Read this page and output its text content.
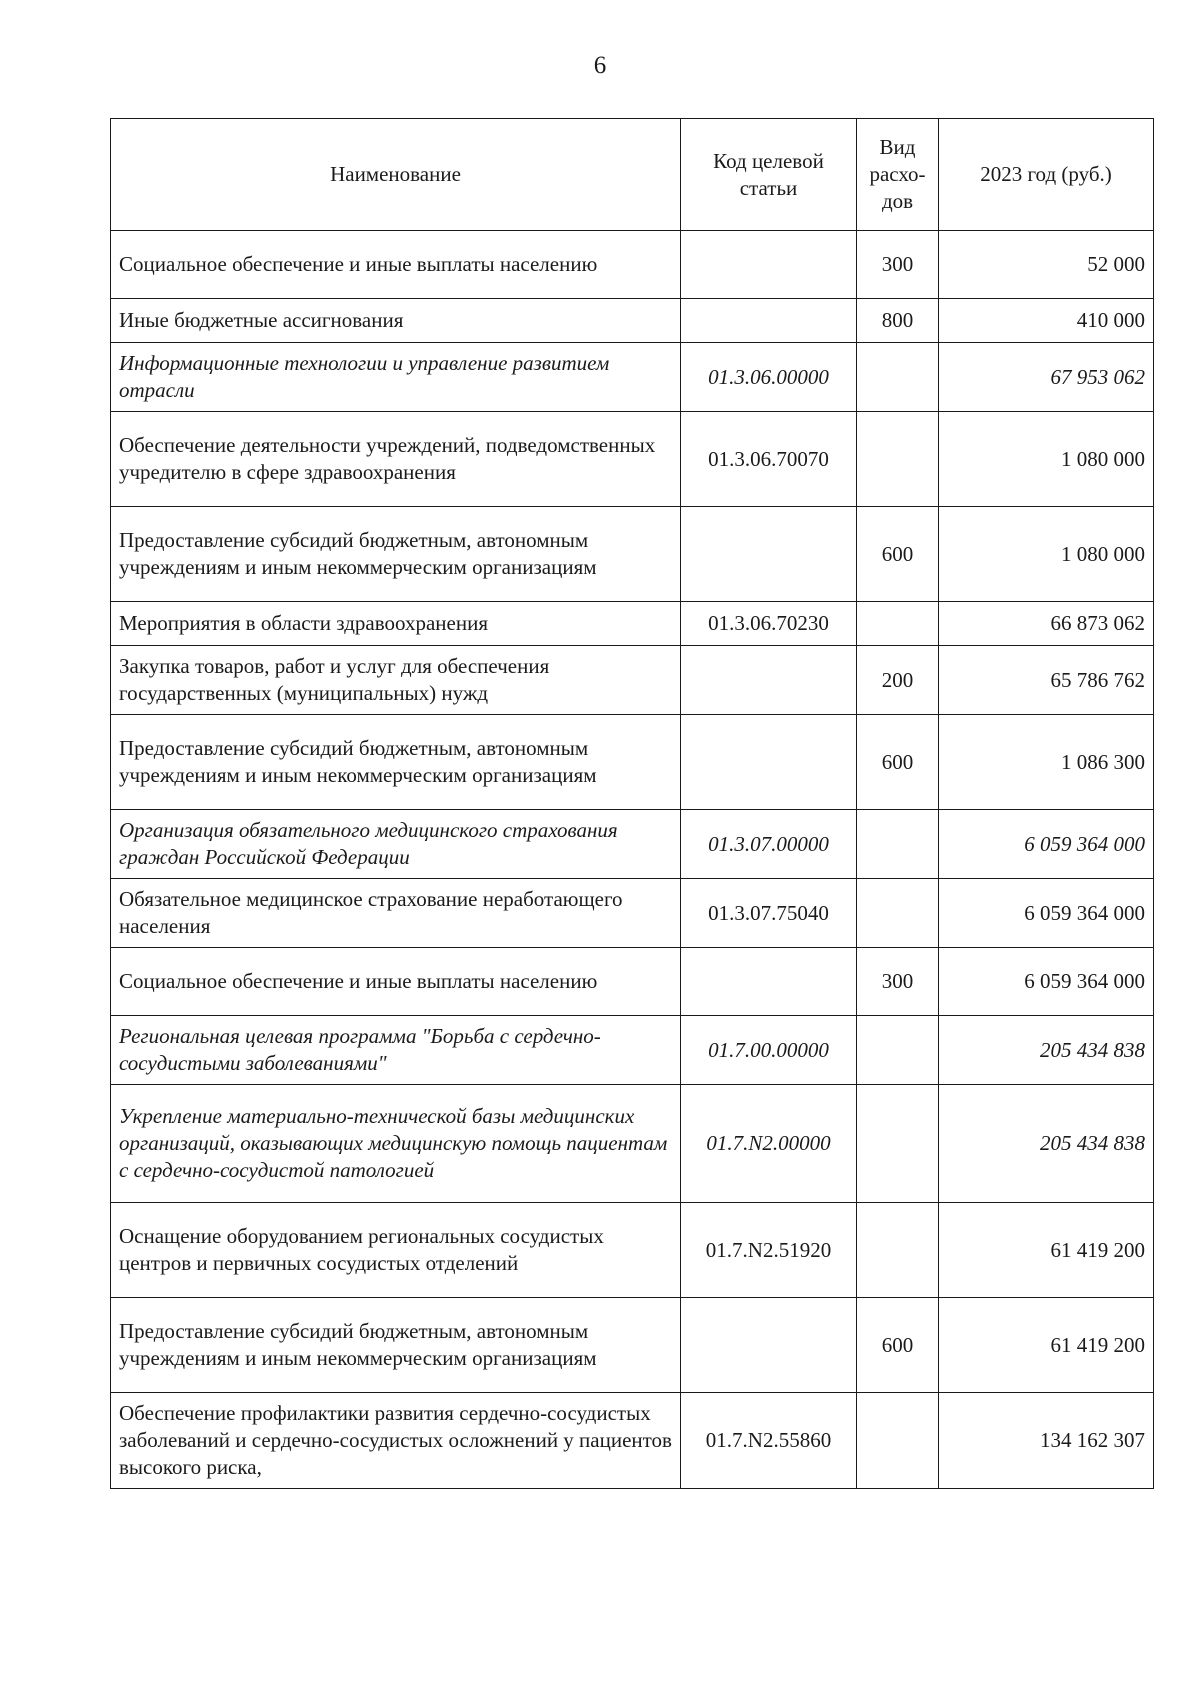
6
Наименование	Код целевой статьи	Вид расхо-дов	2023 год (руб.)
Социальное обеспечение и иные выплаты населению		300	52 000
Иные бюджетные ассигнования		800	410 000
Информационные технологии и управление развитием отрасли	01.3.06.00000		67 953 062
Обеспечение деятельности учреждений, подведомственных учредителю в сфере здравоохранения	01.3.06.70070		1 080 000
Предоставление субсидий бюджетным, автономным учреждениям и иным некоммерческим организациям		600	1 080 000
Мероприятия в области здравоохранения	01.3.06.70230		66 873 062
Закупка товаров, работ и услуг для обеспечения государственных (муниципальных) нужд		200	65 786 762
Предоставление субсидий бюджетным, автономным учреждениям и иным некоммерческим организациям		600	1 086 300
Организация обязательного медицинского страхования граждан Российской Федерации	01.3.07.00000		6 059 364 000
Обязательное медицинское страхование неработающего населения	01.3.07.75040		6 059 364 000
Социальное обеспечение и иные выплаты населению		300	6 059 364 000
Региональная целевая программа "Борьба с сердечно-сосудистыми заболеваниями"	01.7.00.00000		205 434 838
Укрепление материально-технической базы медицинских организаций, оказывающих медицинскую помощь пациентам с сердечно-сосудистой патологией	01.7.N2.00000		205 434 838
Оснащение оборудованием региональных сосудистых центров и первичных сосудистых отделений	01.7.N2.51920		61 419 200
Предоставление субсидий бюджетным, автономным учреждениям и иным некоммерческим организациям		600	61 419 200
Обеспечение профилактики развития сердечно-сосудистых заболеваний и сердечно-сосудистых осложнений у пациентов высокого риска,	01.7.N2.55860		134 162 307
